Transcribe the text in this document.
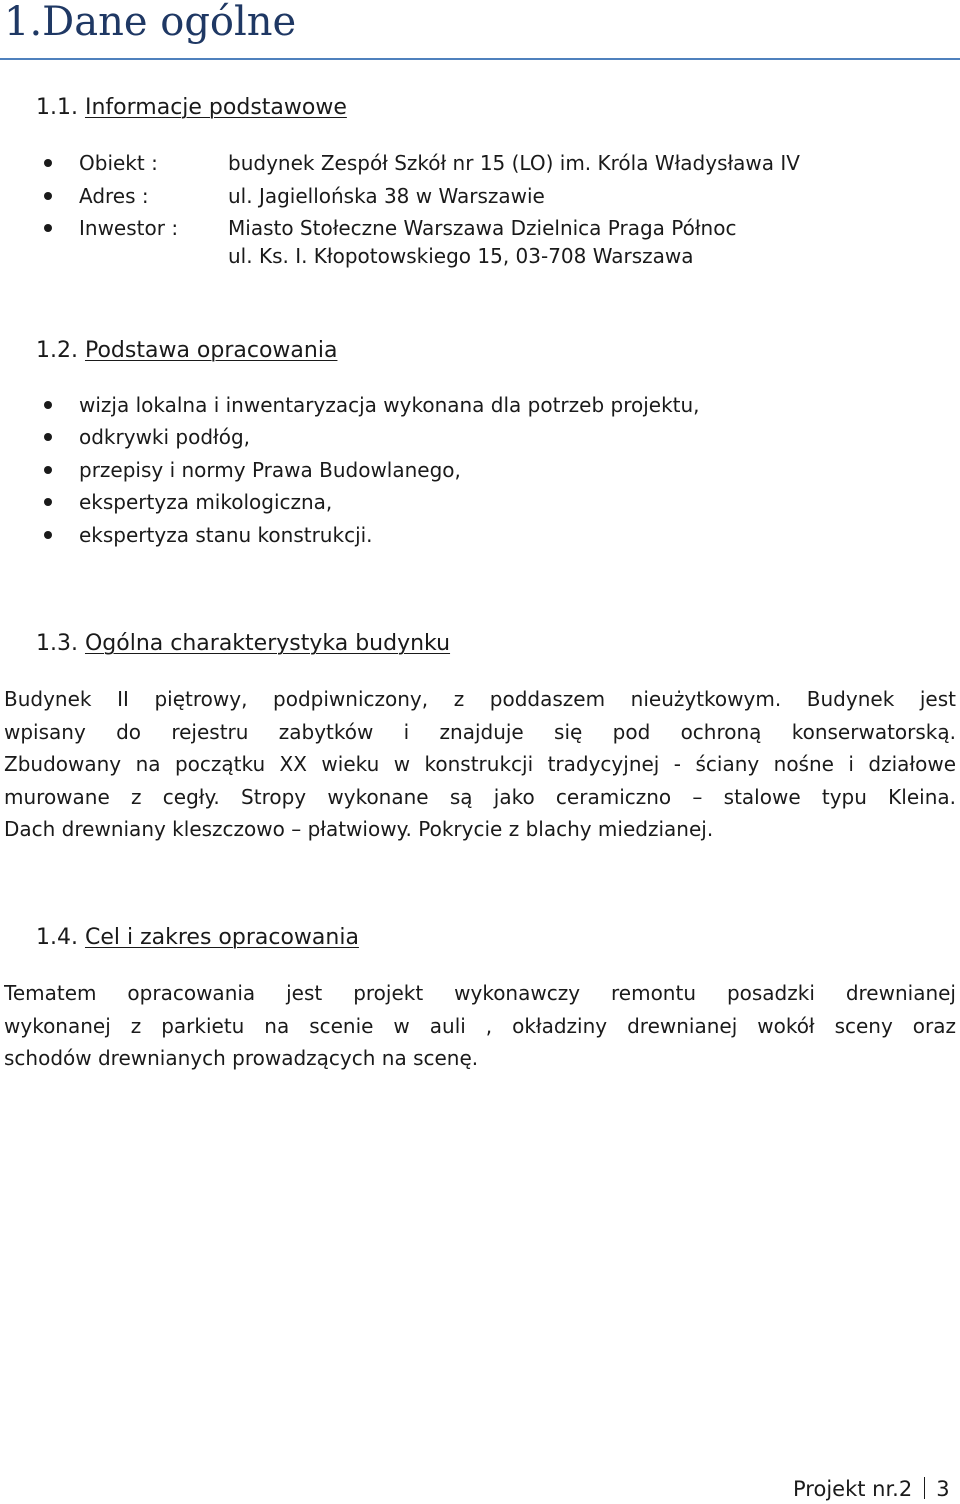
1.Dane ogólne
1.1. Informacje podstawowe
Obiekt :	budynek Zespół Szkół nr 15 (LO) im. Króla Władysława IV
Adres :	ul. Jagiellońska 38 w Warszawie
Inwestor : Miasto Stołeczne Warszawa Dzielnica Praga Północ
ul. Ks. I. Kłopotowskiego 15, 03-708 Warszawa
1.2. Podstawa opracowania
wizja lokalna i inwentaryzacja wykonana dla potrzeb projektu,
odkrywki podłóg,
przepisy i normy Prawa Budowlanego,
ekspertyza mikologiczna,
ekspertyza stanu konstrukcji.
1.3. Ogólna charakterystyka budynku
Budynek II piętrowy, podpiwniczony, z poddaszem nieużytkowym. Budynek jest
wpisany do rejestru zabytków i znajduje się pod ochroną konserwatorską.
Zbudowany na początku XX wieku w konstrukcji tradycyjnej - ściany nośne i działowe
murowane z cegły. Stropy wykonane są jako ceramiczno – stalowe typu Kleina.
Dach drewniany kleszczowo – płatwiowy. Pokrycie z blachy miedzianej.
1.4. Cel i zakres opracowania
Tematem opracowania jest projekt wykonawczy remontu posadzki drewnianej
wykonanej z parkietu na scenie w auli , okładziny drewnianej wokół sceny oraz
schodów drewnianych prowadzących na scenę.
Projekt nr.2 3
